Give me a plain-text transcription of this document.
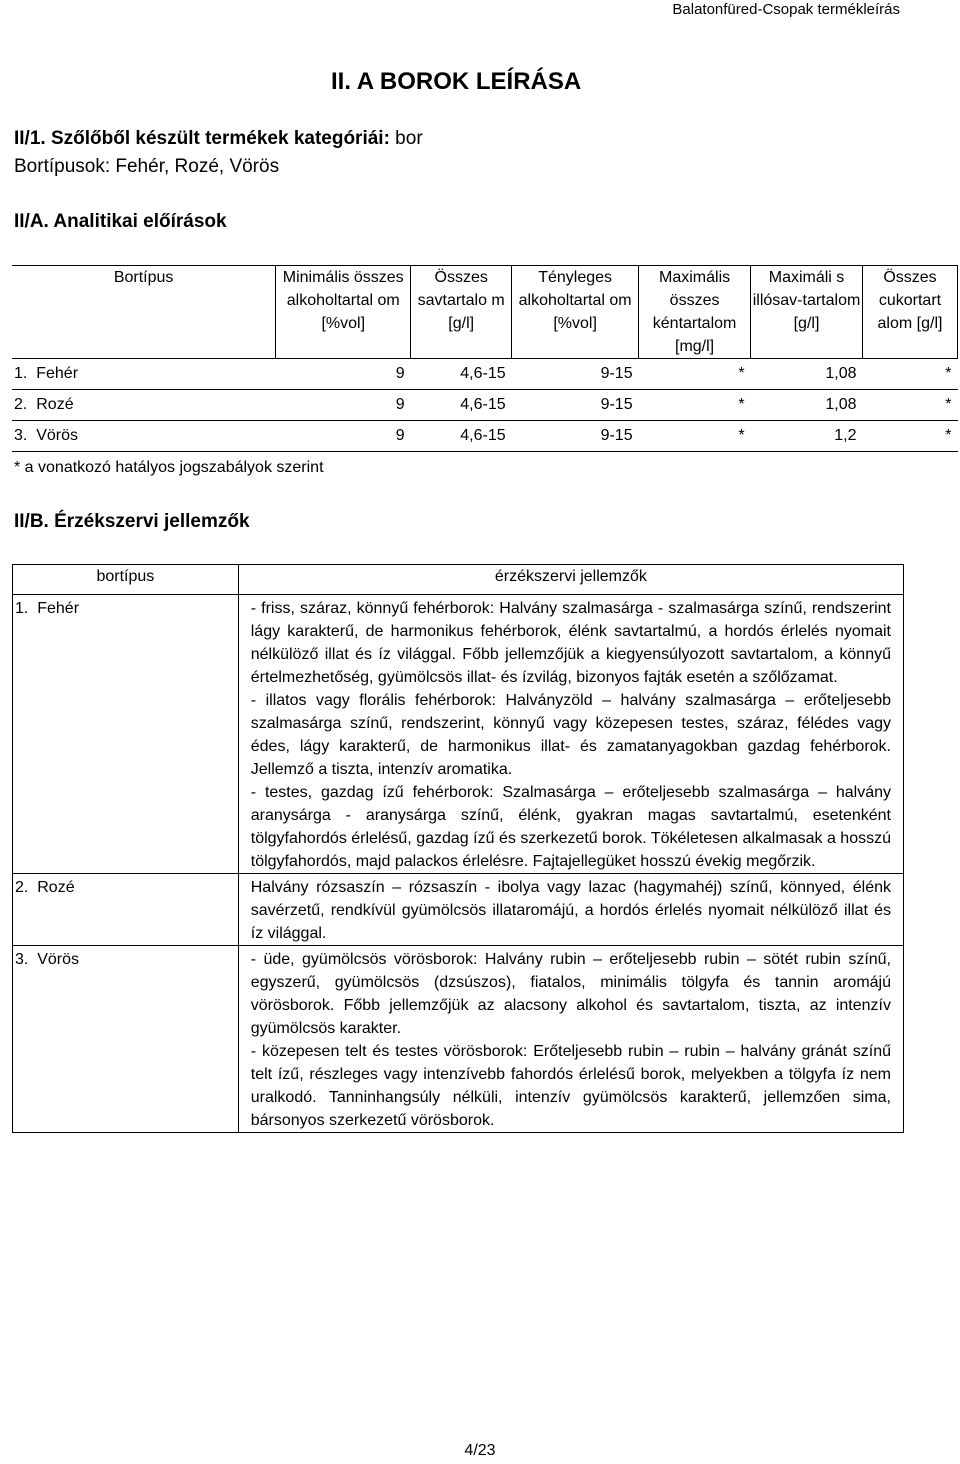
Balatonfüred-Csopak termékleírás
II. A BOROK LEÍRÁSA
II/1. Szőlőből készült termékek kategóriái: bor
Bortípusok: Fehér, Rozé, Vörös
II/A. Analitikai előírások
Bortípus	Minimális összes alkoholtartal om [%vol]	Összes savtartalo m [g/l]	Tényleges alkoholtartal om [%vol]	Maximális összes kéntartalom [mg/l]	Maximáli s illósav-tartalom [g/l]	Összes cukortart alom [g/l]
1.  Fehér	9	4,6-15	9-15	*	1,08	*
2.  Rozé	9	4,6-15	9-15	*	1,08	*
3.  Vörös	9	4,6-15	9-15	*	1,2	*
* a vonatkozó hatályos jogszabályok szerint
II/B. Érzékszervi jellemzők
bortípus	érzékszervi jellemzők
1.  Fehér	- friss, száraz, könnyű fehérborok: Halvány szalmasárga - szalmasárga színű, rendszerint lágy karakterű, de harmonikus fehérborok, élénk savtartalmú, a hordós érlelés nyomait nélkülöző illat és íz világgal. Főbb jellemzőjük a kiegyensúlyozott savtartalom, a könnyű értelmezhetőség, gyümölcsös illat- és ízvilág, bizonyos fajták esetén a szőlőzamat.

- illatos vagy florális fehérborok: Halványzöld – halvány szalmasárga – erőteljesebb szalmasárga színű, rendszerint, könnyű vagy közepesen testes, száraz, félédes vagy édes, lágy karakterű, de harmonikus illat- és zamatanyagokban gazdag fehérborok. Jellemző a tiszta, intenzív aromatika.

- testes, gazdag ízű fehérborok: Szalmasárga – erőteljesebb szalmasárga – halvány aranysárga - aranysárga színű, élénk, gyakran magas savtartalmú, esetenként tölgyfahordós érlelésű, gazdag ízű és szerkezetű borok. Tökéletesen alkalmasak a hosszú tölgyfahordós, majd palackos érlelésre. Fajtajellegüket hosszú évekig megőrzik.

2.  Rozé	Halvány rózsaszín – rózsaszín - ibolya vagy lazac (hagymahéj) színű, könnyed, élénk savérzetű, rendkívül gyümölcsös illataromájú, a hordós érlelés nyomait nélkülöző illat és íz világgal.

3.  Vörös	- üde, gyümölcsös vörösborok: Halvány rubin – erőteljesebb rubin – sötét rubin színű, egyszerű, gyümölcsös (dzsúszos), fiatalos, minimális tölgyfa és tannin aromájú vörösborok. Főbb jellemzőjük az alacsony alkohol és savtartalom, tiszta, az intenzív gyümölcsös karakter.

- közepesen telt és testes vörösborok: Erőteljesebb rubin – rubin – halvány gránát színű telt ízű, részleges vagy intenzívebb fahordós érlelésű borok, melyekben a tölgyfa íz nem uralkodó. Tanninhangsúly nélküli, intenzív gyümölcsös karakterű, jellemzően sima, bársonyos szerkezetű vörösborok.

4/23
